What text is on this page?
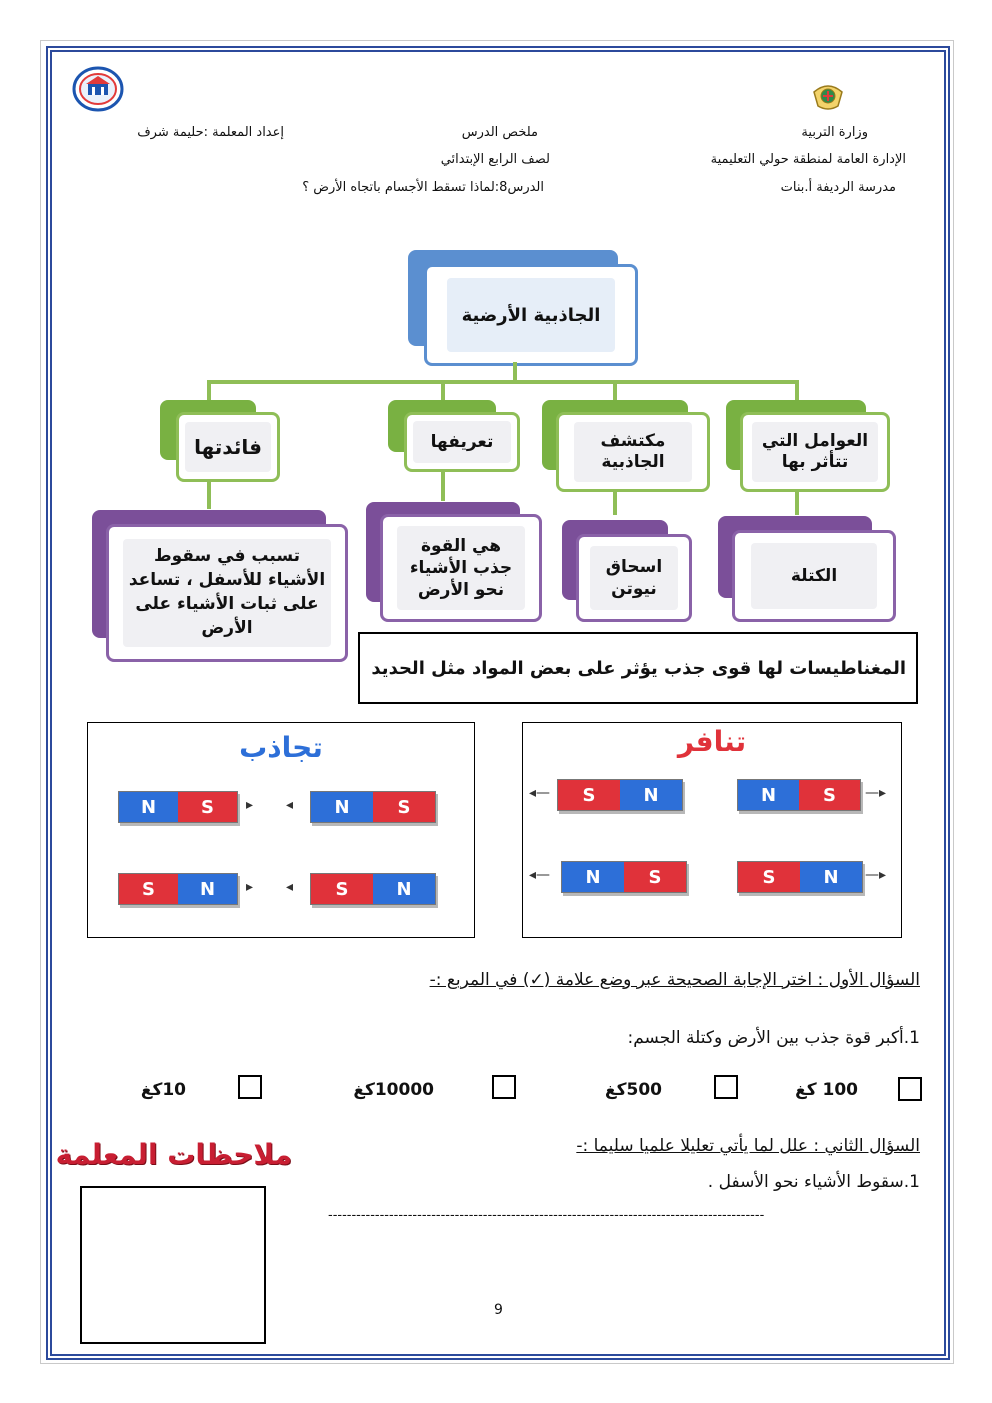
وزارة التربية
الإدارة العامة لمنطقة حولي التعليمية
مدرسة الرديفة أ.بنات
ملخص الدرس
لصف الرابع الإبتدائي
الدرس8:لماذا تسقط الأجسام باتجاه الأرض ؟
إعداد المعلمة :حليمة شرف
الجاذبية الأرضية
فائدتها	تعريفها	مكتشف الجاذبية
العوامل التي تتأثر بها
تسبب في سقوط الأشياء للأسفل ، تساعد على ثبات الأشياء على الأرض
هي القوة جذب الأشياء نحو الأرض
اسحاق نيوتن
الكتلة
المغناطيسات لها قوى جذب يؤثر على بعض المواد مثل الحديد
تجاذب
N	S	▸ ◂	N	S
S	N	▸ ◂	S	N
تنافر
◂—	S	N	N	S	—▸
◂—	N	S	S	N	—▸
السؤال الأول : اختر الإجابة الصحيحة عبر وضع علامة (✓) في المربع :-
1.أكبر قوة جذب بين الأرض وكتلة الجسم:
100 كغ
500كغ
10000كغ
10كغ
السؤال الثاني : علل لما يأتي تعليلا علميا سليما :-
1.سقوط الأشياء نحو الأسفل .
---------------------------------------------------------------------------------------------
ملاحظات المعلمة
9
